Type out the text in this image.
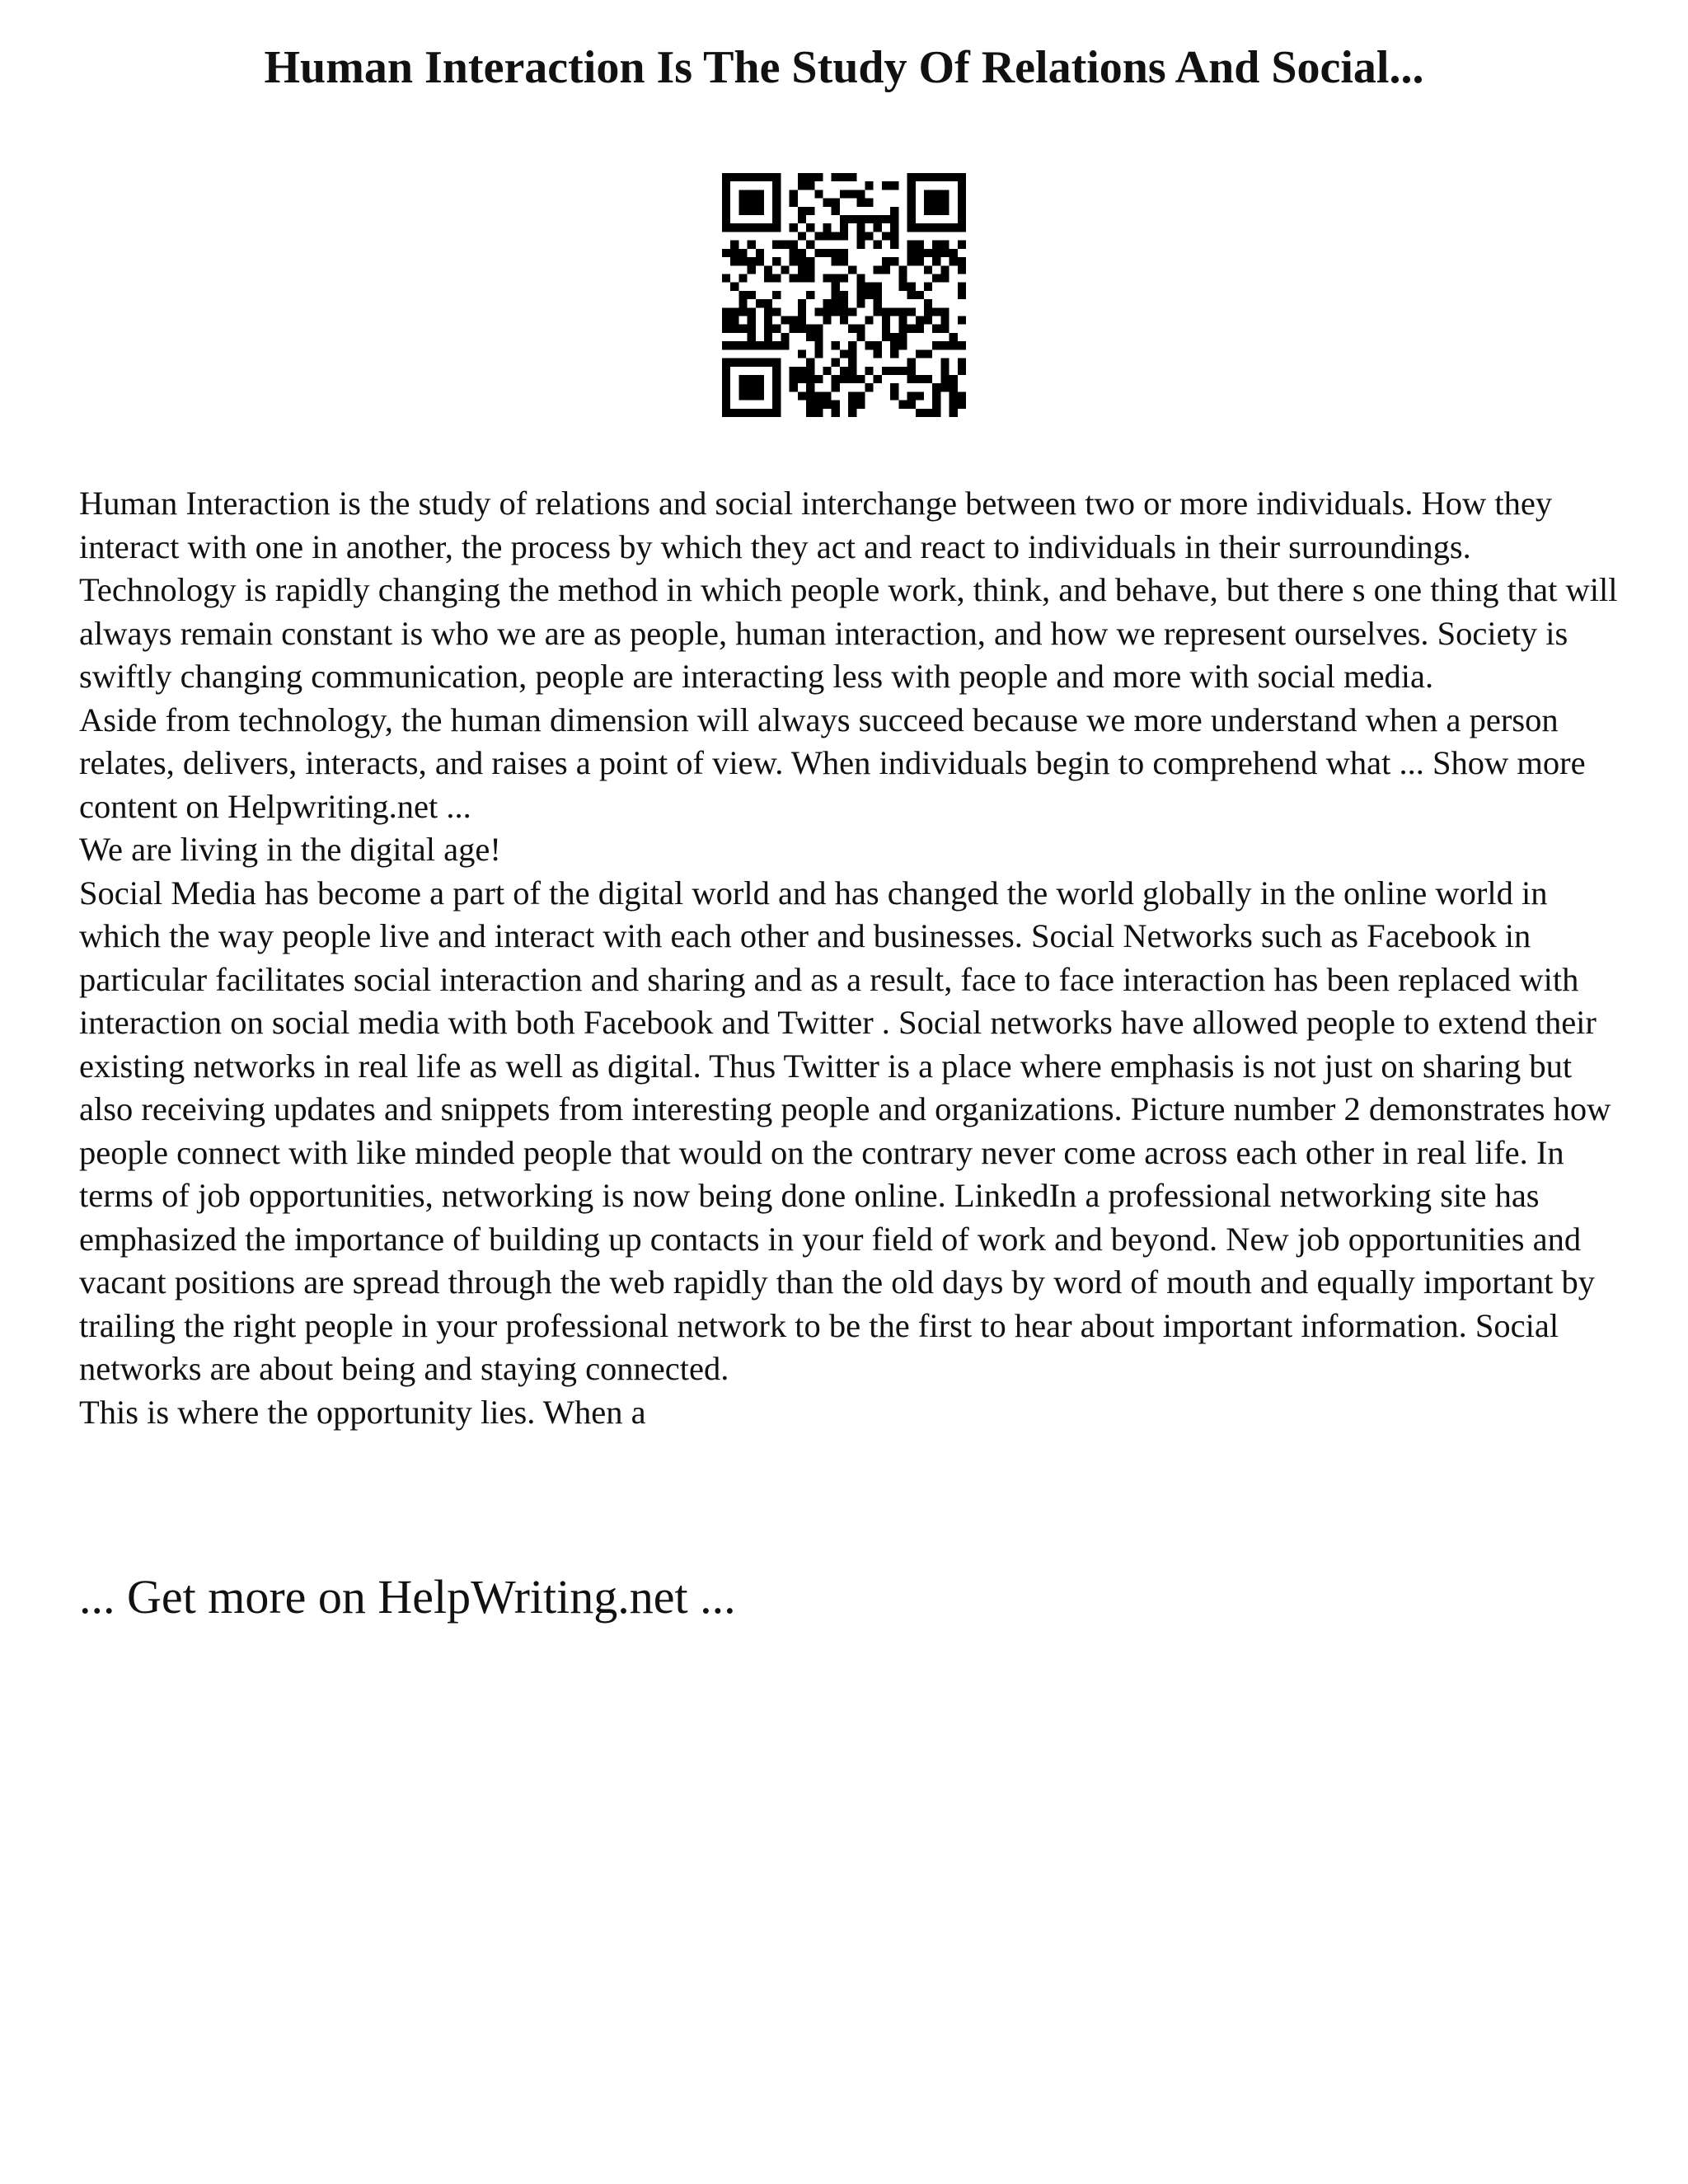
Human Interaction Is The Study Of Relations And Social...

Human Interaction is the study of relations and social interchange between two or more individuals. How they interact with one in another, the process by which they act and react to individuals in their surroundings. Technology is rapidly changing the method in which people work, think, and behave, but there s one thing that will always remain constant is who we are as people, human interaction, and how we represent ourselves. Society is swiftly changing communication, people are interacting less with people and more with social media.

Aside from technology, the human dimension will always succeed because we more understand when a person relates, delivers, interacts, and raises a point of view. When individuals begin to comprehend what ... Show more content on Helpwriting.net ...

We are living in the digital age!

Social Media has become a part of the digital world and has changed the world globally in the online world in which the way people live and interact with each other and businesses. Social Networks such as Facebook in particular facilitates social interaction and sharing and as a result, face to face interaction has been replaced with interaction on social media with both Facebook and Twitter . Social networks have allowed people to extend their existing networks in real life as well as digital. Thus Twitter is a place where emphasis is not just on sharing but also receiving updates and snippets from interesting people and organizations. Picture number 2 demonstrates how people connect with like minded people that would on the contrary never come across each other in real life. In terms of job opportunities, networking is now being done online. LinkedIn a professional networking site has emphasized the importance of building up contacts in your field of work and beyond. New job opportunities and vacant positions are spread through the web rapidly than the old days by word of mouth and equally important by trailing the right people in your professional network to be the first to hear about important information. Social networks are about being and staying connected.

This is where the opportunity lies. When a

... Get more on HelpWriting.net ...
